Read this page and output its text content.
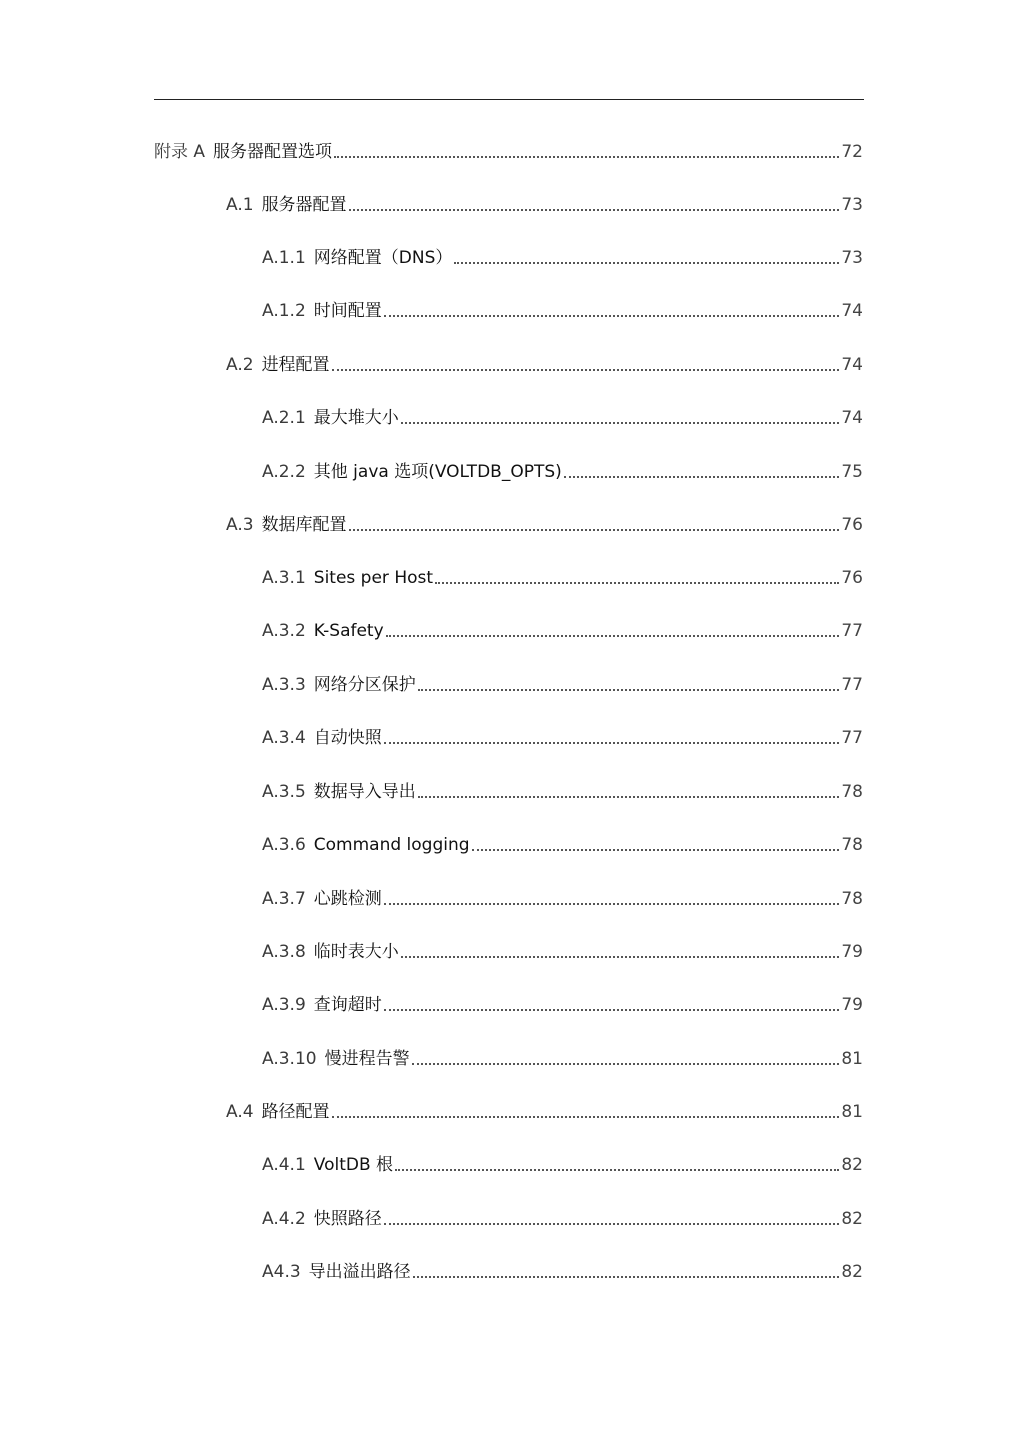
附录 A 服务器配置选项	72
A.1 服务器配置	73
A.1.1 网络配置（DNS）	73
A.1.2 时间配置	74
A.2 进程配置	74
A.2.1 最大堆大小	74
A.2.2 其他 java 选项(VOLTDB_OPTS)	75
A.3 数据库配置	76
A.3.1 Sites per Host	76
A.3.2 K-Safety	77
A.3.3 网络分区保护	77
A.3.4 自动快照	77
A.3.5 数据导入导出	78
A.3.6 Command logging	78
A.3.7 心跳检测	78
A.3.8 临时表大小	79
A.3.9 查询超时	79
A.3.10 慢进程告警	81
A.4 路径配置	81
A.4.1 VoltDB 根	82
A.4.2 快照路径	82
A4.3 导出溢出路径	82
